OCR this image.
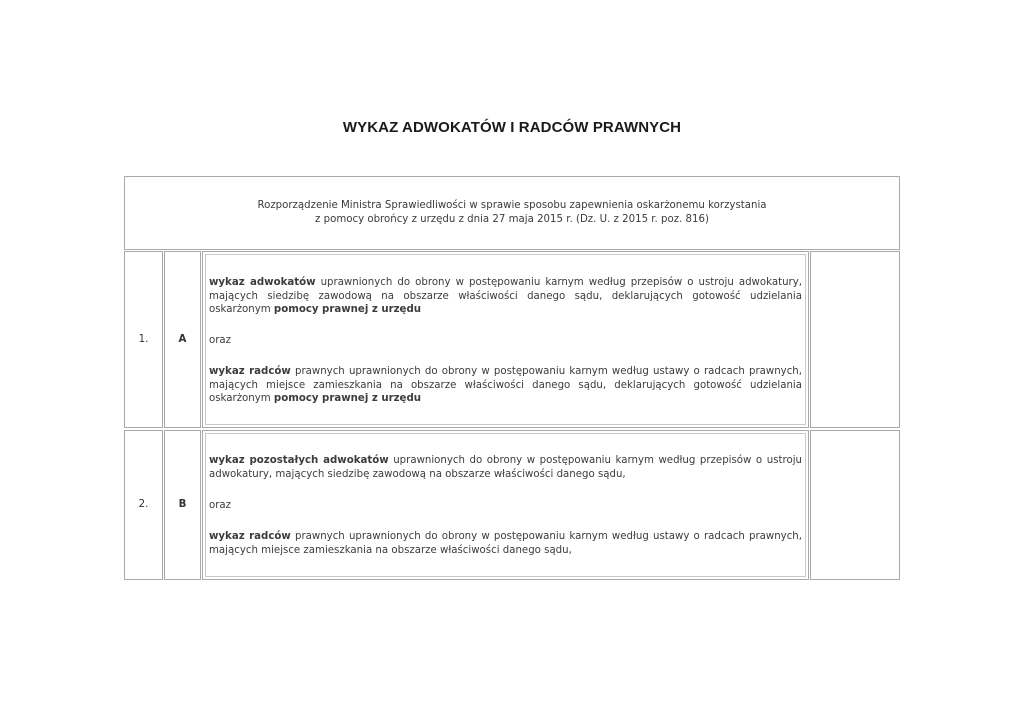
WYKAZ ADWOKATÓW I RADCÓW PRAWNYCH
Rozporządzenie Ministra Sprawiedliwości w sprawie sposobu zapewnienia oskarżonemu korzystania
z pomocy obrońcy z urzędu z dnia 27 maja 2015 r. (Dz. U. z 2015 r. poz. 816)
1.	A
wykaz adwokatów uprawnionych do obrony w postępowaniu karnym według przepisów o ustroju adwokatury, mających siedzibę zawodową na obszarze właściwości danego sądu, deklarujących gotowość udzielania oskarżonym pomocy prawnej z urzędu
oraz
wykaz radców prawnych uprawnionych do obrony w postępowaniu karnym według ustawy o radcach prawnych, mających miejsce zamieszkania na obszarze właściwości danego sądu, deklarujących gotowość udzielania oskarżonym pomocy prawnej z urzędu
2.	B
wykaz pozostałych adwokatów uprawnionych do obrony w postępowaniu karnym według przepisów o ustroju adwokatury, mających siedzibę zawodową na obszarze właściwości danego sądu,
oraz
wykaz radców prawnych uprawnionych do obrony w postępowaniu karnym według ustawy o radcach prawnych, mających miejsce zamieszkania na obszarze właściwości danego sądu,
